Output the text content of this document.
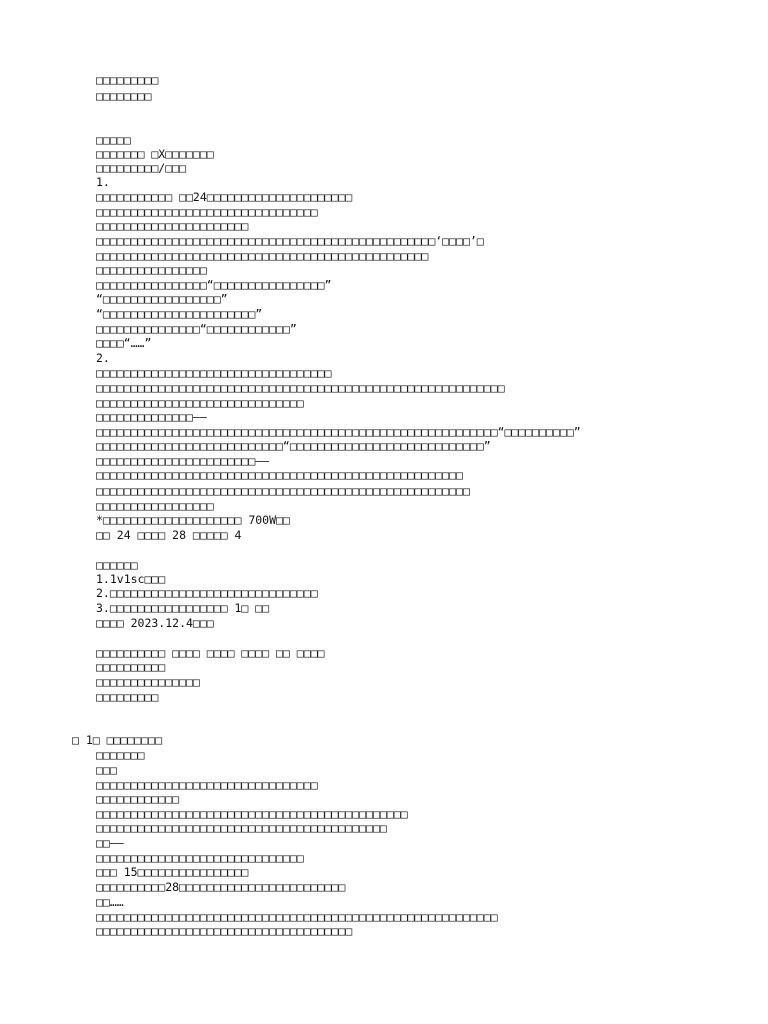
□□□□□□□□□
□□□□□□□□
□□□□□
□□□□□□□ □X□□□□□□□
□□□□□□□□□/□□□
1.
□□□□□□□□□□□ □□24□□□□□□□□□□□□□□□□□□□□□
□□□□□□□□□□□□□□□□□□□□□□□□□□□□□□□□
□□□□□□□□□□□□□□□□□□□□□□
□□□□□□□□□□□□□□□□□□□□□□□□□□□□□□□□□□□□□□□□□□□□□□□□□‘□□□□’□
□□□□□□□□□□□□□□□□□□□□□□□□□□□□□□□□□□□□□□□□□□□□□□□□
□□□□□□□□□□□□□□□□
□□□□□□□□□□□□□□□□“□□□□□□□□□□□□□□□□”
“□□□□□□□□□□□□□□□□□”
“□□□□□□□□□□□□□□□□□□□□□□”
□□□□□□□□□□□□□□□“□□□□□□□□□□□□”
□□□□“……”
2.
□□□□□□□□□□□□□□□□□□□□□□□□□□□□□□□□□□
□□□□□□□□□□□□□□□□□□□□□□□□□□□□□□□□□□□□□□□□□□□□□□□□□□□□□□□□□□□
□□□□□□□□□□□□□□□□□□□□□□□□□□□□□□
□□□□□□□□□□□□□□——
□□□□□□□□□□□□□□□□□□□□□□□□□□□□□□□□□□□□□□□□□□□□□□□□□□□□□□□□□□“□□□□□□□□□□”
□□□□□□□□□□□□□□□□□□□□□□□□□□□“□□□□□□□□□□□□□□□□□□□□□□□□□□□□”
□□□□□□□□□□□□□□□□□□□□□□□——
□□□□□□□□□□□□□□□□□□□□□□□□□□□□□□□□□□□□□□□□□□□□□□□□□□□□□
□□□□□□□□□□□□□□□□□□□□□□□□□□□□□□□□□□□□□□□□□□□□□□□□□□□□□□
□□□□□□□□□□□□□□□□□
*□□□□□□□□□□□□□□□□□□□□ 700W□□
□□ 24 □□□□ 28 □□□□□ 4
□□□□□□
1.1v1sc□□□
2.□□□□□□□□□□□□□□□□□□□□□□□□□□□□□□
3.□□□□□□□□□□□□□□□□□ 1□ □□
□□□□ 2023.12.4□□□
□□□□□□□□□□ □□□□ □□□□ □□□□ □□ □□□□
□□□□□□□□□□
□□□□□□□□□□□□□□□
□□□□□□□□□
□ 1□ □□□□□□□□
□□□□□□□
□□□
□□□□□□□□□□□□□□□□□□□□□□□□□□□□□□□□
□□□□□□□□□□□□
□□□□□□□□□□□□□□□□□□□□□□□□□□□□□□□□□□□□□□□□□□□□□
□□□□□□□□□□□□□□□□□□□□□□□□□□□□□□□□□□□□□□□□□□
□□——
□□□□□□□□□□□□□□□□□□□□□□□□□□□□□□
□□□ 15□□□□□□□□□□□□□□□□
□□□□□□□□□□28□□□□□□□□□□□□□□□□□□□□□□□□
□□……
□□□□□□□□□□□□□□□□□□□□□□□□□□□□□□□□□□□□□□□□□□□□□□□□□□□□□□□□□□
□□□□□□□□□□□□□□□□□□□□□□□□□□□□□□□□□□□□□
